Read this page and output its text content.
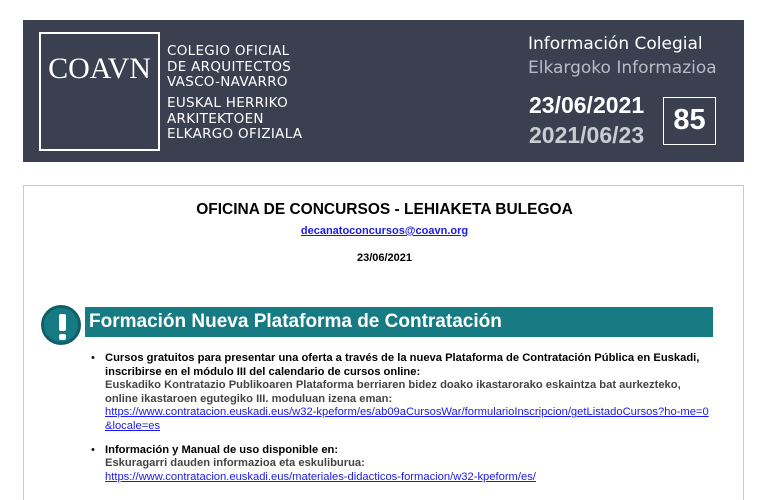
COAVN
COLEGIO OFICIAL
DE ARQUITECTOS
VASCO-NAVARRO
EUSKAL HERRIKO
ARKITEKTOEN
ELKARGO OFIZIALA
Información Colegial
Elkargoko Informazioa
23/06/2021
2021/06/23	85
OFICINA DE CONCURSOS - LEHIAKETA BULEGOA
decanatoconcursos@coavn.org
23/06/2021
Formación Nueva Plataforma de Contratación
• Cursos gratuitos para presentar una oferta a través de la nueva Plataforma de Contratación Pública en Euskadi, inscribirse en el módulo III del calendario de cursos online:
Euskadiko Kontratazio Publikoaren Plataforma berriaren bidez doako ikastarorako eskaintza bat aurkezteko, online ikastaroen egutegiko III. moduluan izena eman:
https://www.contratacion.euskadi.eus/w32-kpeform/es/ab09aCursosWar/formularioInscripcion/getListadoCursos?ho-me=0&locale=es
• Información y Manual de uso disponible en:
Eskuragarri dauden informazioa eta eskuliburua:
https://www.contratacion.euskadi.eus/materiales-didacticos-formacion/w32-kpeform/es/
